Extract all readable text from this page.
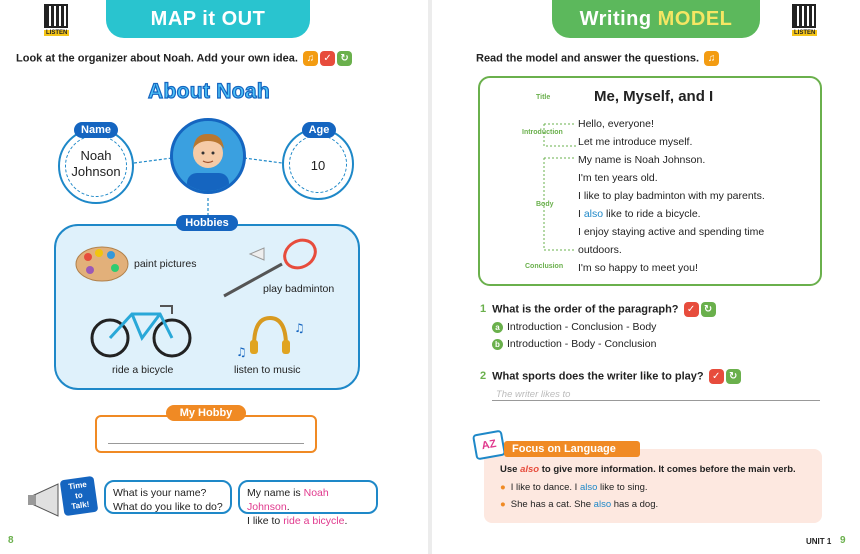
LISTEN
MAP it OUT
Look at the organizer about Noah. Add your own idea. ♫ ✓ ↻
About Noah
Name
Noah
Johnson
Age
10
Hobbies
paint pictures
play badminton
ride a bicycle
♫
♫
listen to music
My Hobby
Time
to
Talk!
What is your name?
What do you like to do?
My name is Noah Johnson.
I like to ride a bicycle.
8
Writing MODEL
LISTEN
Read the model and answer the questions. ♫
Title
Introduction
Body
Conclusion
Me, Myself, and I
Hello, everyone!
Let me introduce myself.
My name is Noah Johnson.
I'm ten years old.
I like to play badminton with my parents.
I also like to ride a bicycle.
I enjoy staying active and spending time
outdoors.
I'm so happy to meet you!
1 What is the order of the paragraph? ✓ ↻
a Introduction - Conclusion - Body
b Introduction - Body - Conclusion
2 What sports does the writer like to play? ✓ ↻
The writer likes to
AZ	Focus on Language
Use also to give more information. It comes before the main verb.
● I like to dance. I also like to sing.
● She has a cat. She also has a dog.
UNIT 1 9
